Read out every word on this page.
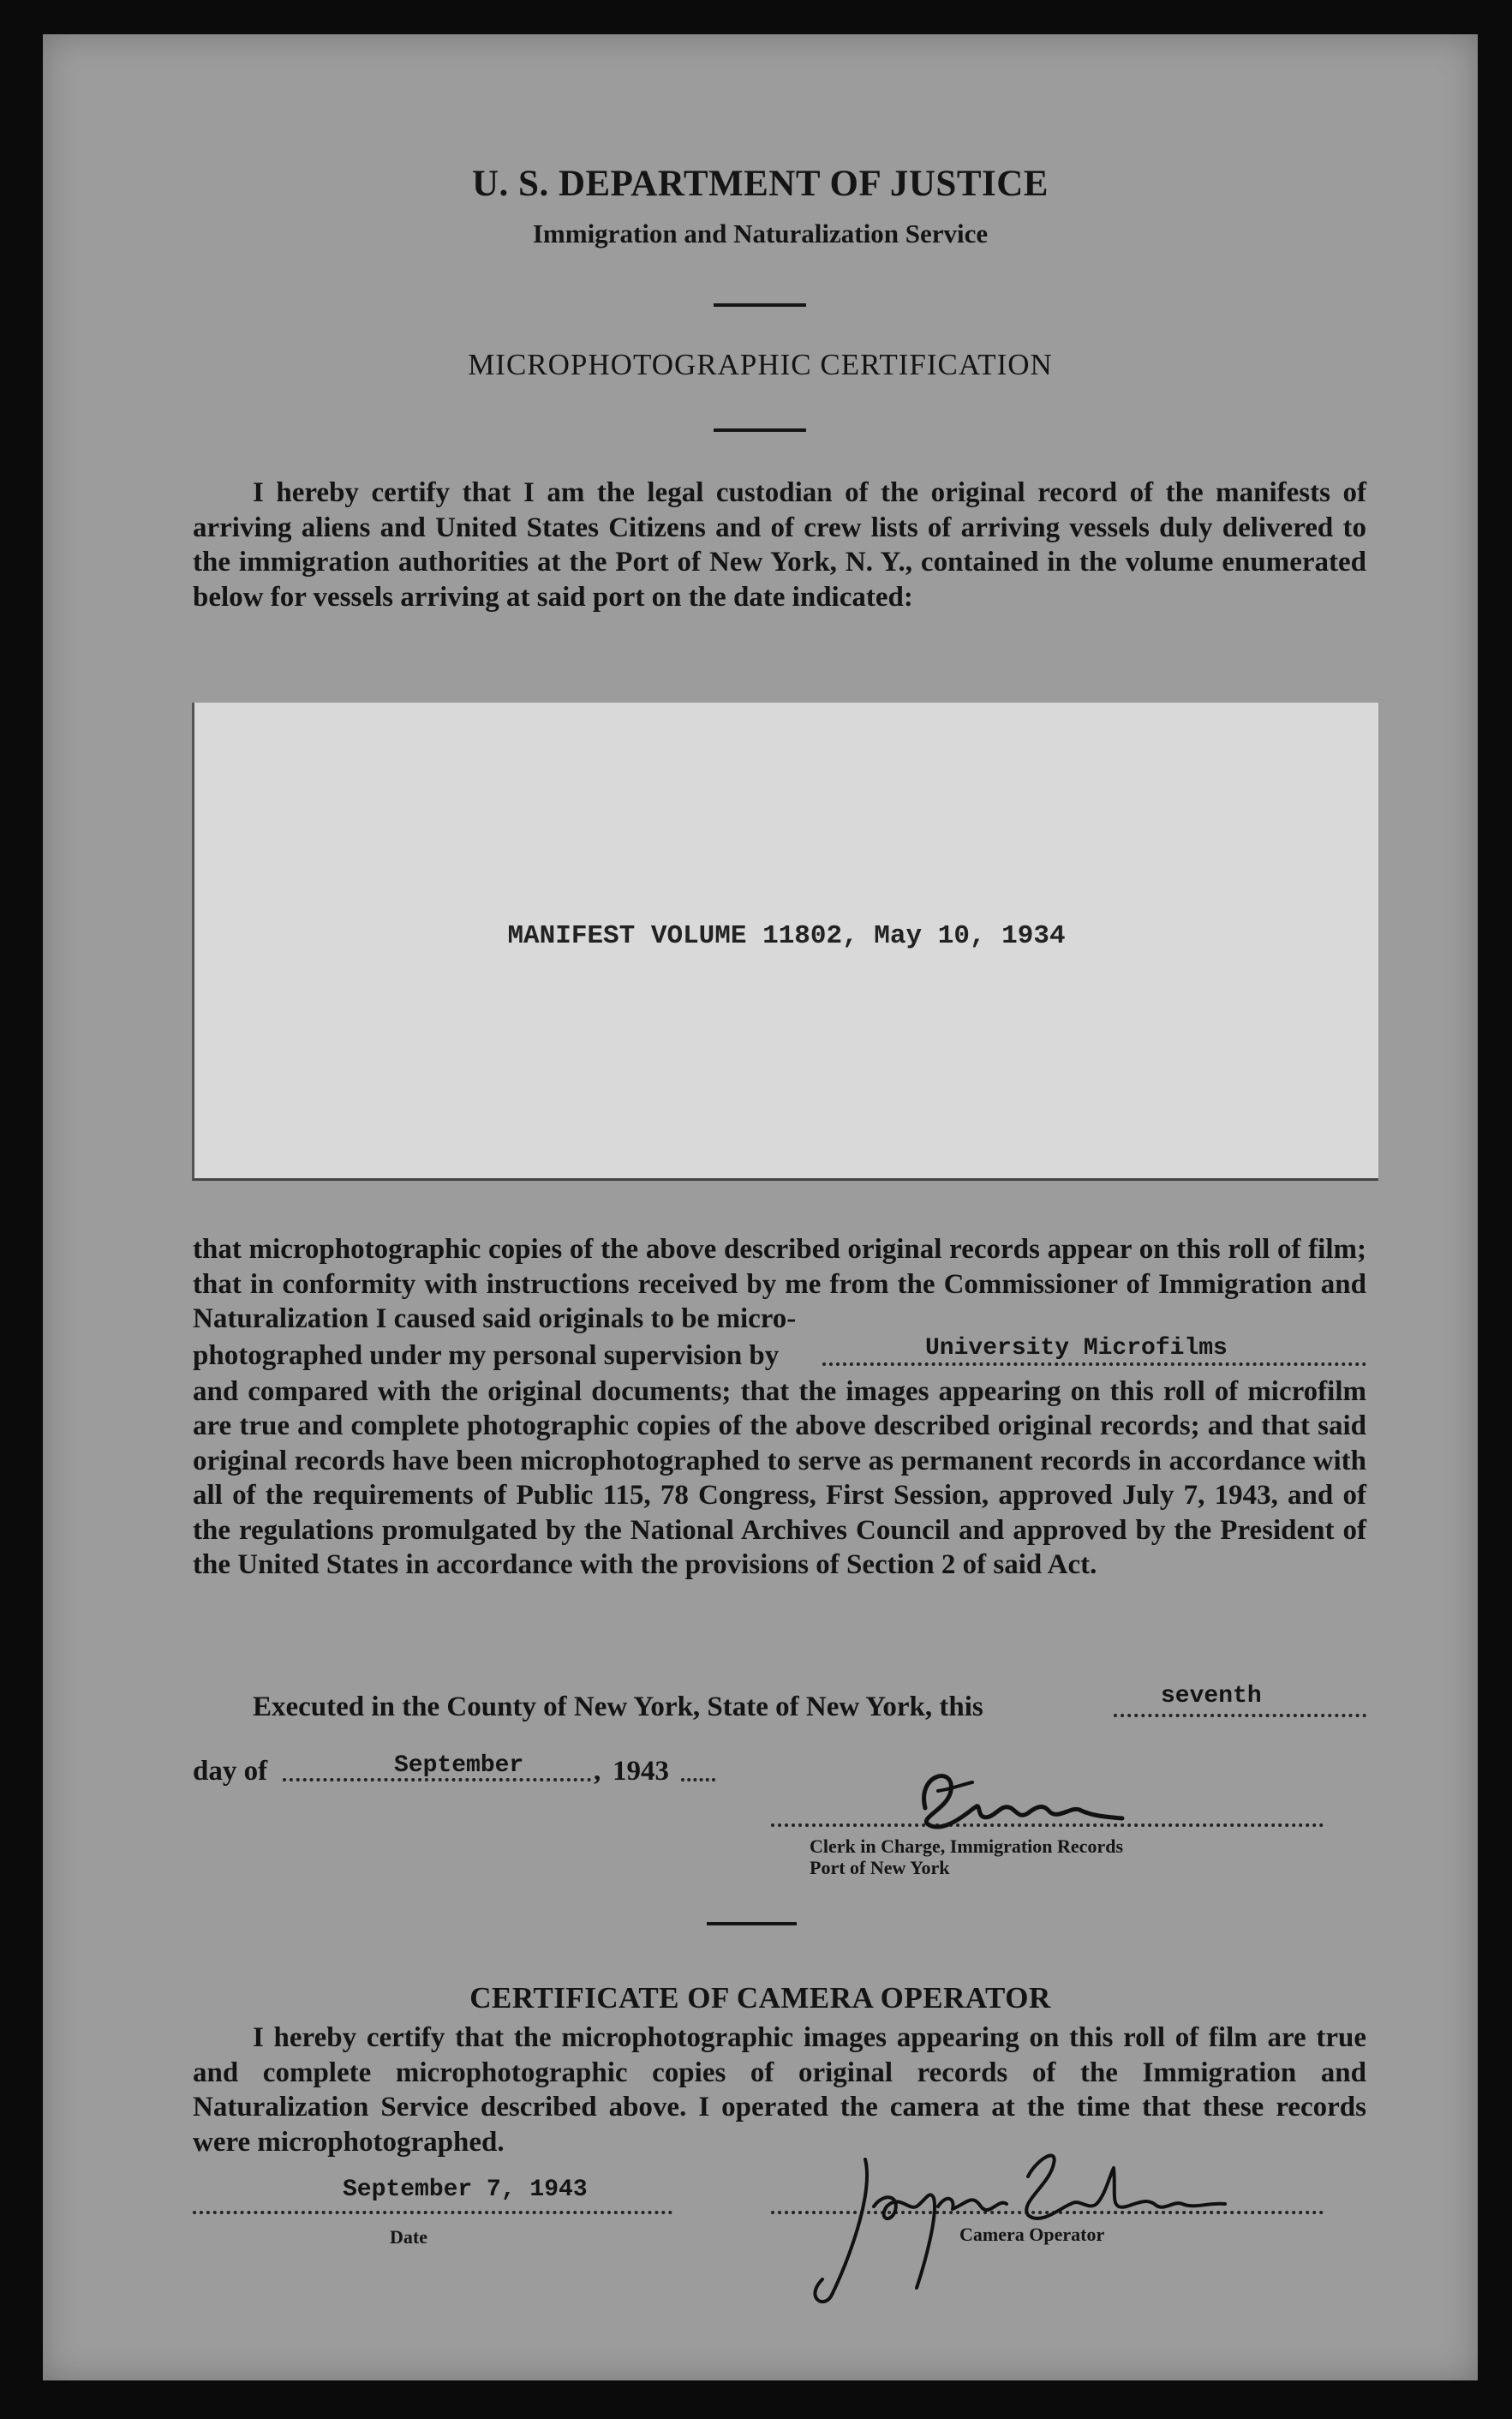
U. S. DEPARTMENT OF JUSTICE
Immigration and Naturalization Service
MICROPHOTOGRAPHIC CERTIFICATION

I hereby certify that I am the legal custodian of the original record of the manifests of arriving aliens and United States Citizens and of crew lists of arriving vessels duly delivered to the immigration authorities at the Port of New York, N. Y., contained in the volume enumerated below for vessels arriving at said port on the date indicated:

MANIFEST VOLUME 11802, May 10, 1934

that microphotographic copies of the above described original records appear on this roll of film; that in conformity with instructions received by me from the Commissioner of Immigration and Naturalization I caused said originals to be micro-

photographed under my personal supervision by	University Microfilms

and compared with the original documents; that the images appearing on this roll of microfilm are true and complete photographic copies of the above described original records; and that said original records have been microphotographed to serve as permanent records in accordance with all of the requirements of Public 115, 78 Congress, First Session, approved July 7, 1943, and of the regulations promulgated by the National Archives Council and approved by the President of the United States in accordance with the provisions of Section 2 of said Act.

Executed in the County of New York, State of New York, this	seventh
day of	September , 1943
Clerk in Charge, Immigration Records
Port of New York
CERTIFICATE OF CAMERA OPERATOR

I hereby certify that the microphotographic images appearing on this roll of film are true and complete microphotographic copies of original records of the Immigration and Naturalization Service described above. I operated the camera at the time that these records were microphotographed.

September 7, 1943
Date	Camera Operator
